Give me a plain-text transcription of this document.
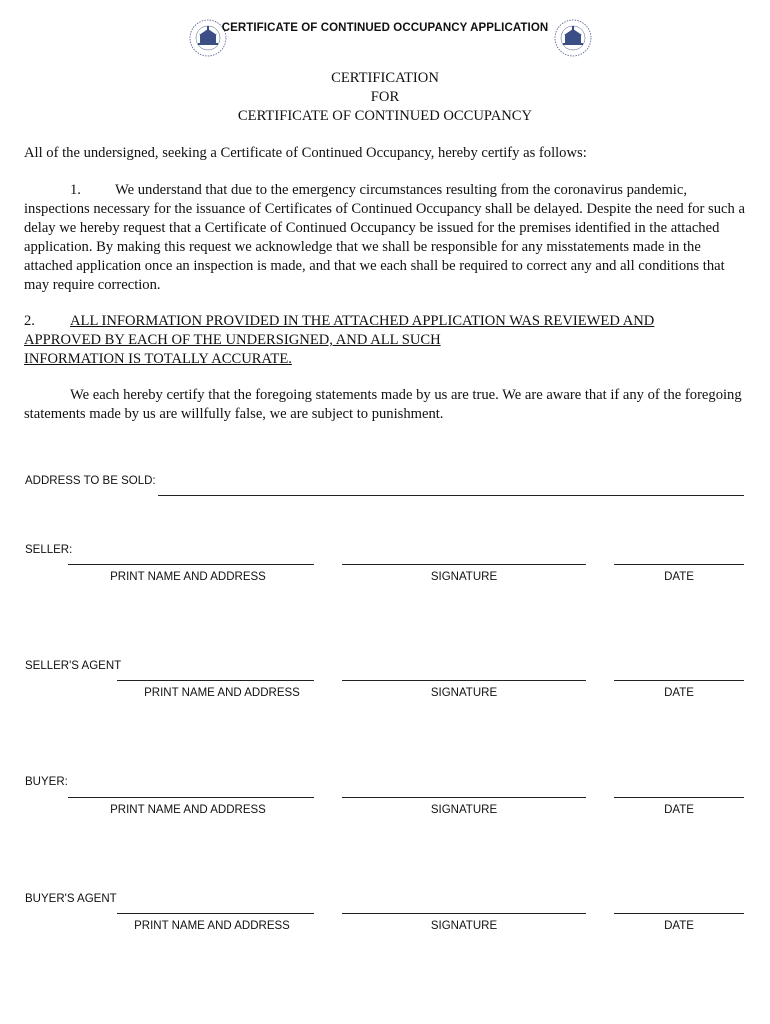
CERTIFICATE OF CONTINUED OCCUPANCY APPLICATION
CERTIFICATION
FOR
CERTIFICATE OF CONTINUED OCCUPANCY
All of the undersigned, seeking a Certificate of Continued Occupancy, hereby certify as follows:
1. We understand that due to the emergency circumstances resulting from the coronavirus pandemic, inspections necessary for the issuance of Certificates of Continued Occupancy shall be delayed. Despite the need for such a delay we hereby request that a Certificate of Continued Occupancy be issued for the premises identified in the attached application. By making this request we acknowledge that we shall be responsible for any misstatements made in the attached application once an inspection is made, and that we each shall be required to correct any and all conditions that may require correction.
2. ALL INFORMATION PROVIDED IN THE ATTACHED APPLICATION WAS REVIEWED AND
APPROVED BY EACH OF THE UNDERSIGNED, AND ALL SUCH
INFORMATION IS TOTALLY ACCURATE.
We each hereby certify that the foregoing statements made by us are true. We are aware that if any of the foregoing statements made by us are willfully false, we are subject to punishment.
ADDRESS TO BE SOLD:
SELLER:
PRINT NAME AND ADDRESS	SIGNATURE	DATE
SELLER'S AGENT
PRINT NAME AND ADDRESS	SIGNATURE	DATE
BUYER:
PRINT NAME AND ADDRESS	SIGNATURE	DATE
BUYER'S AGENT
PRINT NAME AND ADDRESS	SIGNATURE	DATE
